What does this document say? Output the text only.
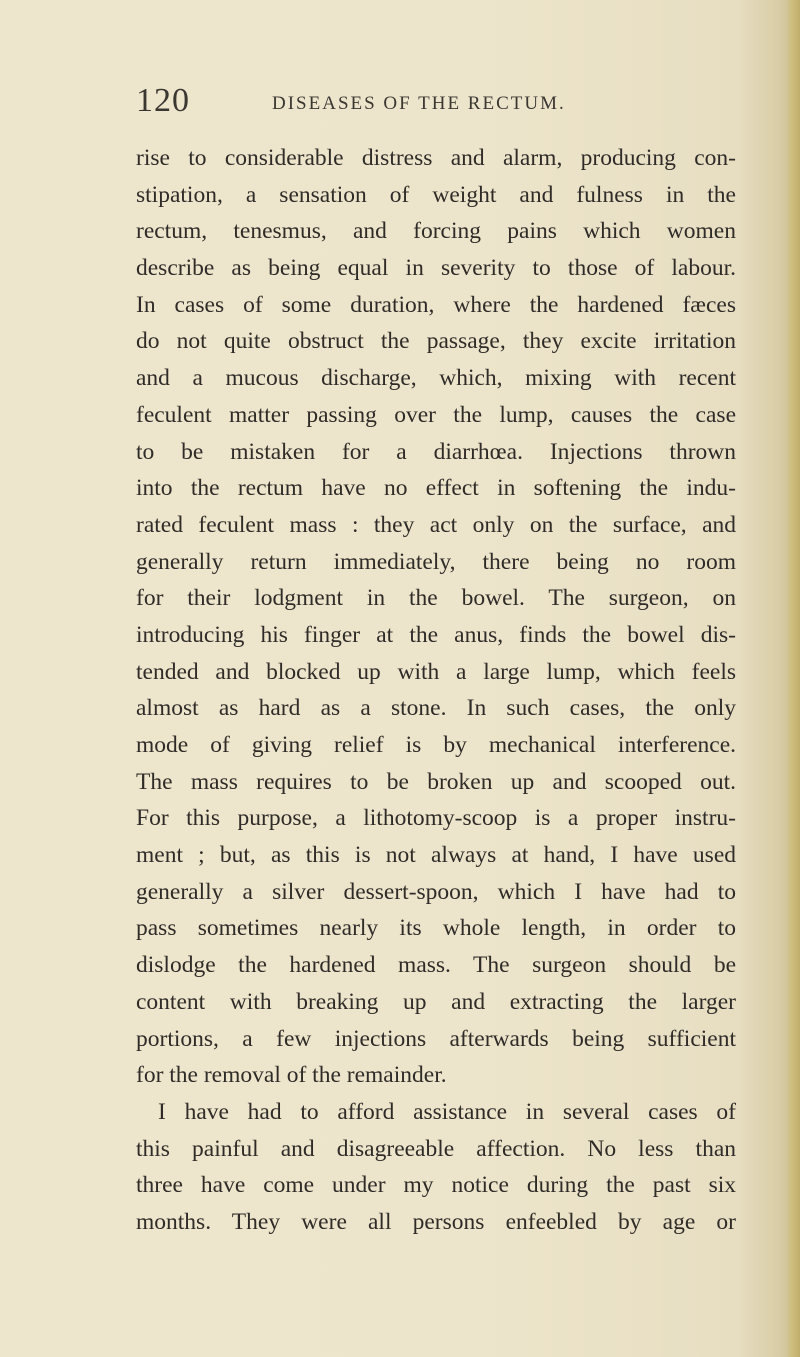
120	DISEASES OF THE RECTUM.
rise to considerable distress and alarm, producing con-
stipation, a sensation of weight and fulness in the
rectum, tenesmus, and forcing pains which women
describe as being equal in severity to those of labour.
In cases of some duration, where the hardened fæces
do not quite obstruct the passage, they excite irritation
and a mucous discharge, which, mixing with recent
feculent matter passing over the lump, causes the case
to be mistaken for a diarrhœa. Injections thrown
into the rectum have no effect in softening the indu-
rated feculent mass : they act only on the surface, and
generally return immediately, there being no room
for their lodgment in the bowel. The surgeon, on
introducing his finger at the anus, finds the bowel dis-
tended and blocked up with a large lump, which feels
almost as hard as a stone. In such cases, the only
mode of giving relief is by mechanical interference.
The mass requires to be broken up and scooped out.
For this purpose, a lithotomy-scoop is a proper instru-
ment ; but, as this is not always at hand, I have used
generally a silver dessert-spoon, which I have had to
pass sometimes nearly its whole length, in order to
dislodge the hardened mass. The surgeon should be
content with breaking up and extracting the larger
portions, a few injections afterwards being sufficient
for the removal of the remainder.
I have had to afford assistance in several cases of
this painful and disagreeable affection. No less than
three have come under my notice during the past six
months. They were all persons enfeebled by age or
